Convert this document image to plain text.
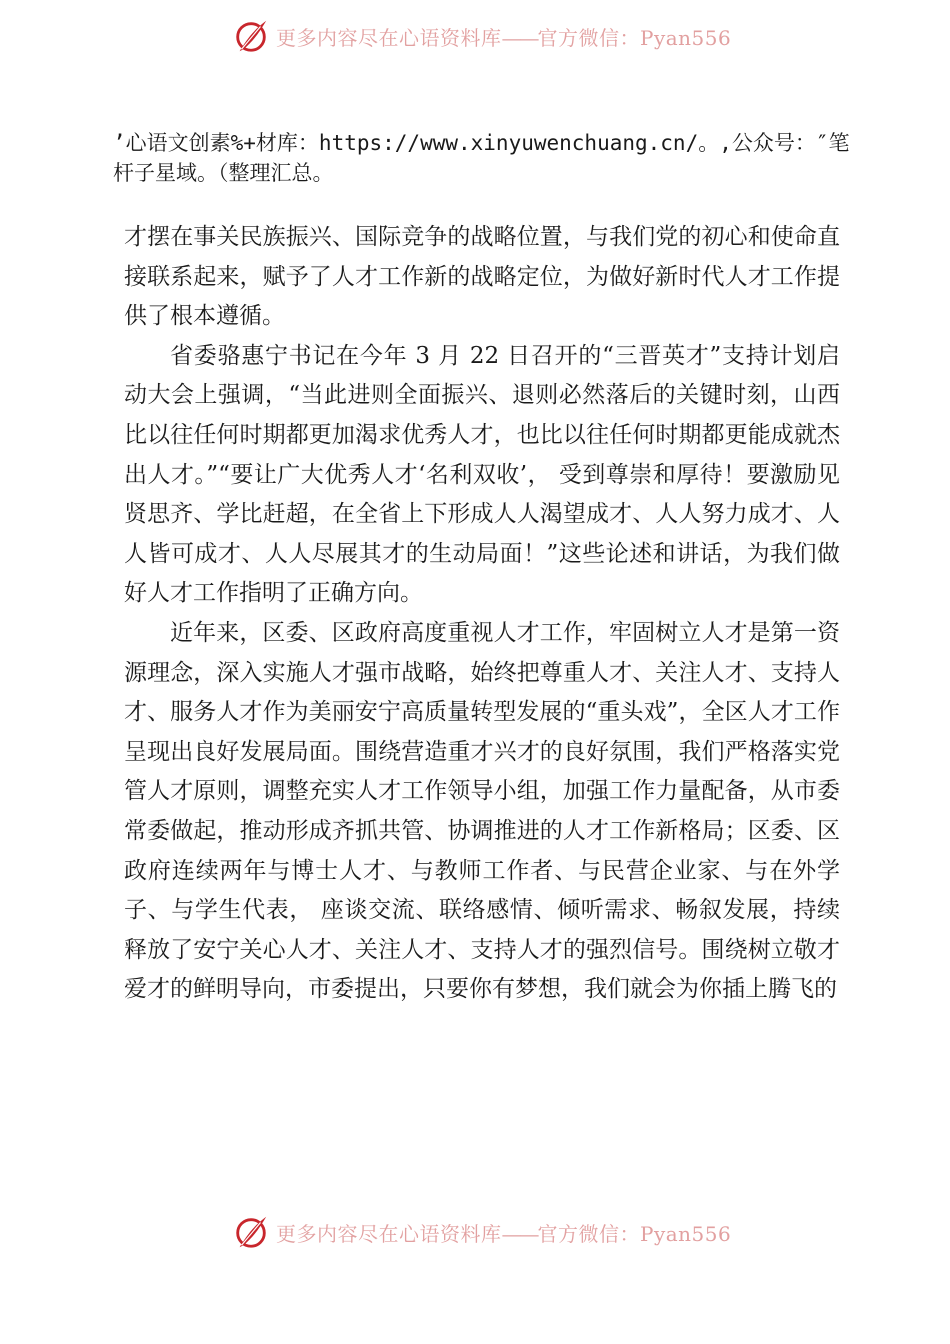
更多内容尽在心语资料库——官方微信：Pyan556
’心语文创素%+材库：https://www.xinyuwenchuang.cn/。,公众号：″笔杆子星域。（整理汇总。

才摆在事关民族振兴、国际竞争的战略位置，与我们党的初心和使命直接联系起来，赋予了人才工作新的战略定位，为做好新时代人才工作提供了根本遵循。

省委骆惠宁书记在今年 3 月 22 日召开的“三晋英才”支持计划启动大会上强调，“当此进则全面振兴、退则必然落后的关键时刻，山西比以往任何时期都更加渴求优秀人才，也比以往任何时期都更能成就杰出人才。”“要让广大优秀人才‘名利双收’， 受到尊崇和厚待！要激励见贤思齐、学比赶超，在全省上下形成人人渴望成才、人人努力成才、人人皆可成才、人人尽展其才的生动局面！”这些论述和讲话，为我们做好人才工作指明了正确方向。

近年来，区委、区政府高度重视人才工作，牢固树立人才是第一资源理念，深入实施人才强市战略，始终把尊重人才、关注人才、支持人才、服务人才作为美丽安宁高质量转型发展的“重头戏”，全区人才工作呈现出良好发展局面。围绕营造重才兴才的良好氛围，我们严格落实党管人才原则，调整充实人才工作领导小组，加强工作力量配备，从市委常委做起，推动形成齐抓共管、协调推进的人才工作新格局；区委、区政府连续两年与博士人才、与教师工作者、与民营企业家、与在外学子、与学生代表， 座谈交流、联络感情、倾听需求、畅叙发展，持续释放了安宁关心人才、关注人才、支持人才的强烈信号。围绕树立敬才爱才的鲜明导向，市委提出，只要你有梦想，我们就会为你插上腾飞的

更多内容尽在心语资料库——官方微信：Pyan556
